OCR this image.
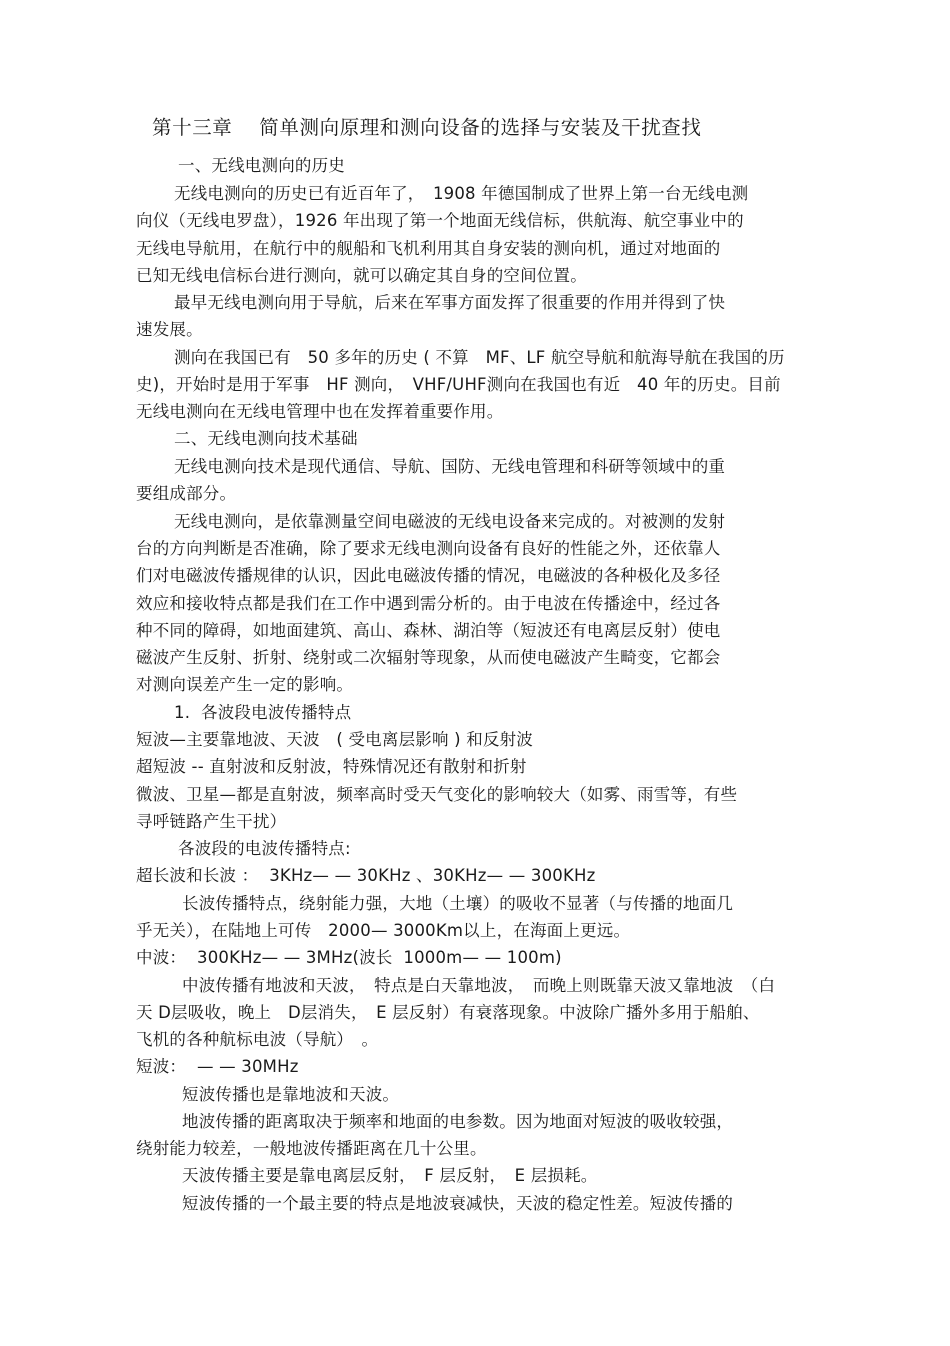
第十三章　 简单测向原理和测向设备的选择与安装及干扰查找
一、无线电测向的历史
无线电测向的历史已有近百年了，　1908 年德国制成了世界上第一台无线电测
向仪（无线电罗盘），1926 年出现了第一个地面无线信标，供航海、航空事业中的
无线电导航用，在航行中的舰船和飞机利用其自身安装的测向机，通过对地面的
已知无线电信标台进行测向，就可以确定其自身的空间位置。
最早无线电测向用于导航，后来在军事方面发挥了很重要的作用并得到了快
速发展。
测向在我国已有　50 多年的历史 ( 不算　MF、LF 航空导航和航海导航在我国的历
史)，开始时是用于军事　HF 测向，　VHF/UHF测向在我国也有近　40 年的历史。目前
无线电测向在无线电管理中也在发挥着重要作用。
二、无线电测向技术基础
无线电测向技术是现代通信、导航、国防、无线电管理和科研等领域中的重
要组成部分。
无线电测向，是依靠测量空间电磁波的无线电设备来完成的。对被测的发射
台的方向判断是否准确，除了要求无线电测向设备有良好的性能之外，还依靠人
们对电磁波传播规律的认识，因此电磁波传播的情况，电磁波的各种极化及多径
效应和接收特点都是我们在工作中遇到需分析的。由于电波在传播途中，经过各
种不同的障碍，如地面建筑、高山、森林、湖泊等（短波还有电离层反射）使电
磁波产生反射、折射、绕射或二次辐射等现象，从而使电磁波产生畸变，它都会
对测向误差产生一定的影响。
1.  各波段电波传播特点
短波—主要靠地波、天波　( 受电离层影响 ) 和反射波
超短波 -- 直射波和反射波，特殊情况还有散射和折射
微波、卫星—都是直射波，频率高时受天气变化的影响较大（如雾、雨雪等，有些
寻呼链路产生干扰）
各波段的电波传播特点:
超长波和长波 ：  3KHz— — 30KHz 、30KHz— — 300KHz
长波传播特点，绕射能力强，大地（土壤）的吸收不显著（与传播的地面几
乎无关），在陆地上可传　2000— 3000Km以上，在海面上更远。
中波：  300KHz— — 3MHz(波长  1000m— — 100m)
中波传播有地波和天波，　特点是白天靠地波，　而晚上则既靠天波又靠地波　（白
天 D层吸收，晚上　D层消失，　E 层反射）有衰落现象。中波除广播外多用于船舶、
飞机的各种航标电波（导航）　。
短波：  — — 30MHz
短波传播也是靠地波和天波。
地波传播的距离取决于频率和地面的电参数。因为地面对短波的吸收较强，
绕射能力较差，一般地波传播距离在几十公里。
天波传播主要是靠电离层反射，　F 层反射，　E 层损耗。
短波传播的一个最主要的特点是地波衰减快，天波的稳定性差。短波传播的
